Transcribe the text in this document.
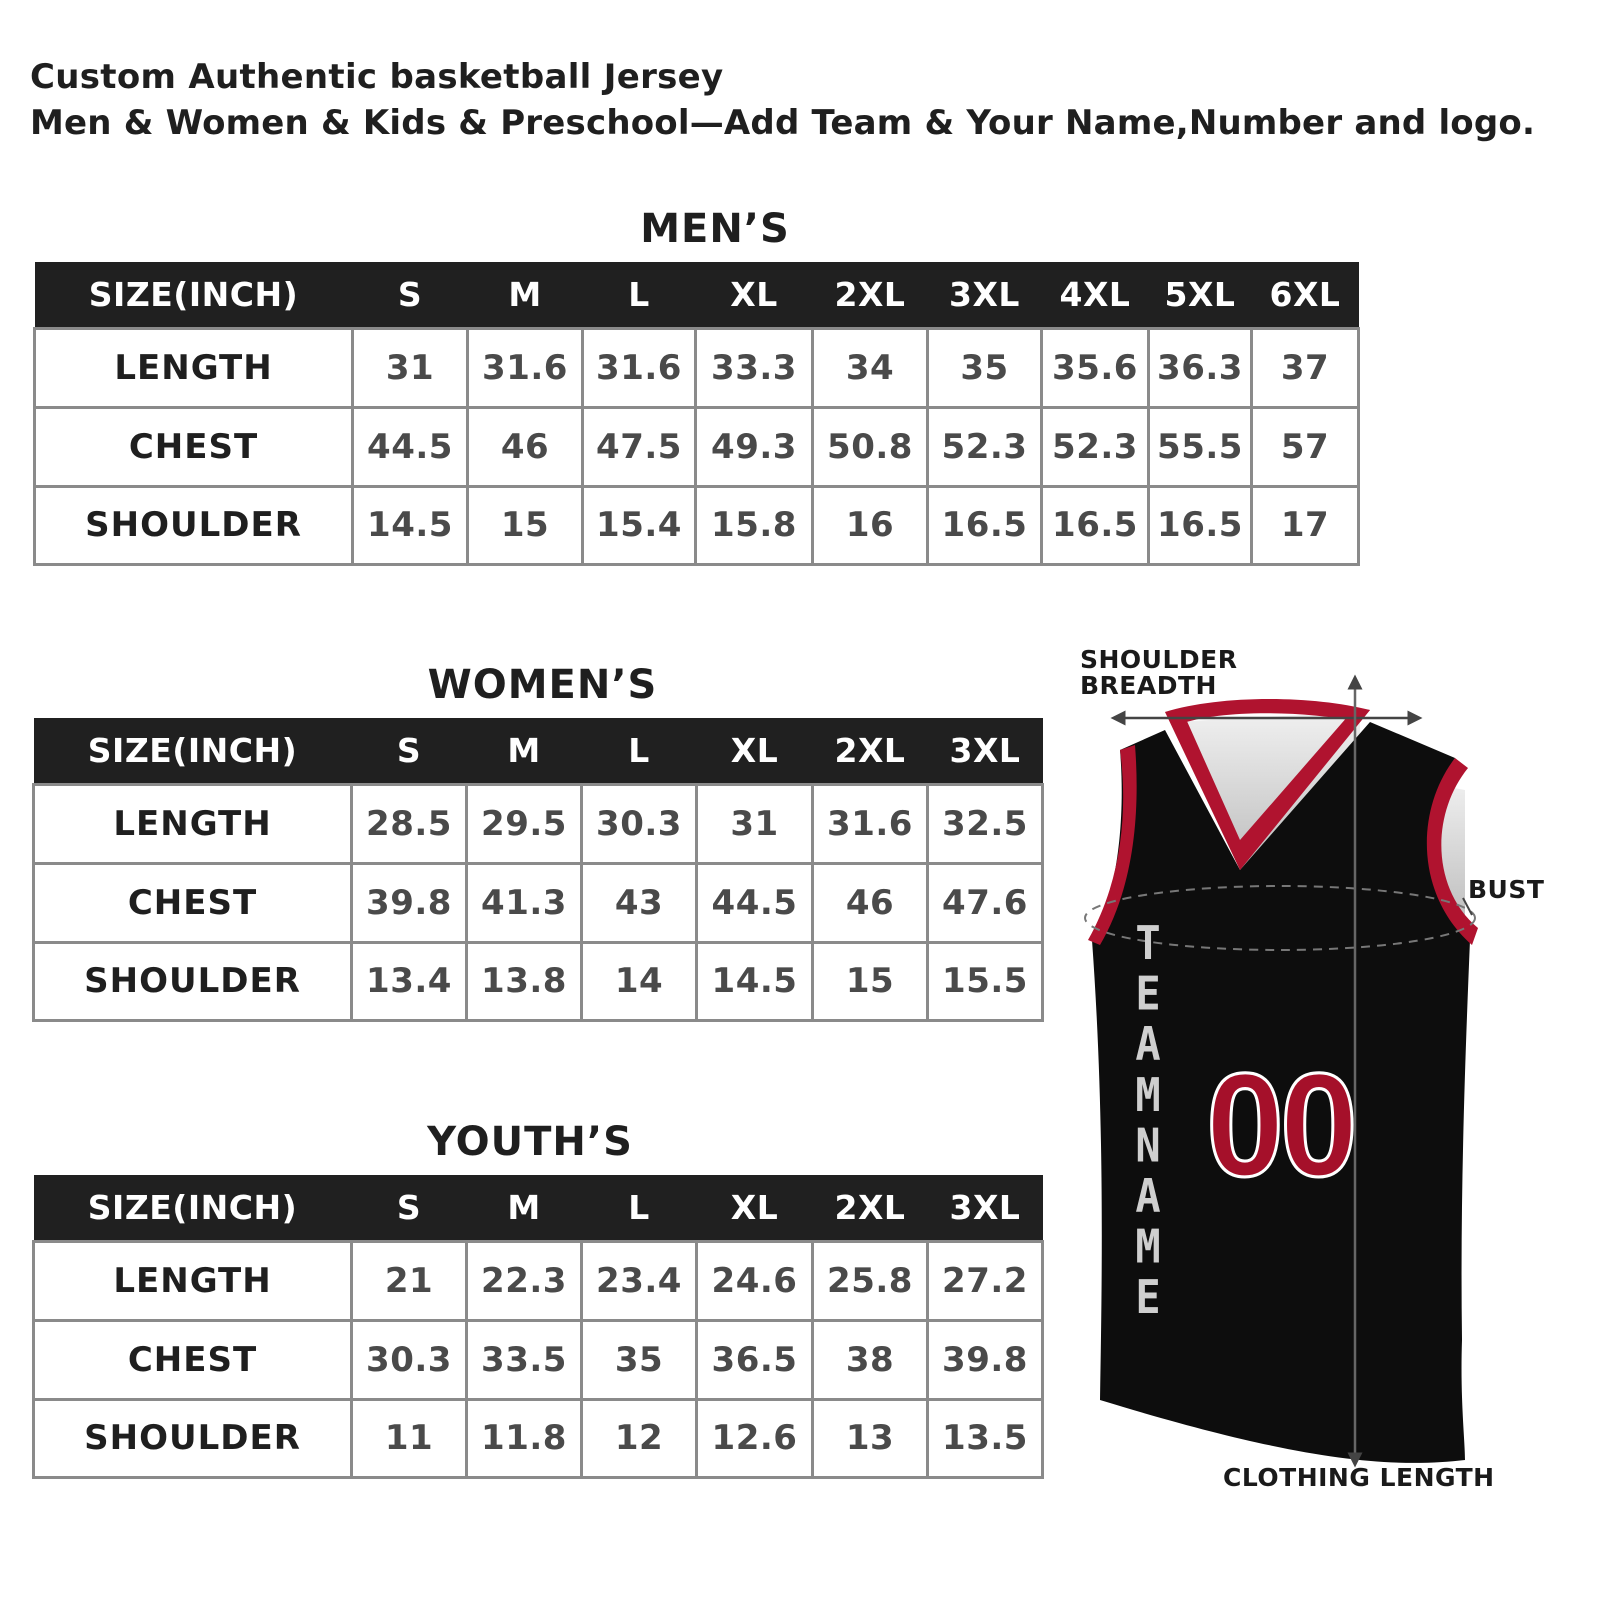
Custom Authentic basketball Jersey
Men & Women & Kids & Preschool—Add Team & Your Name,Number and logo.
MEN’S
SIZE(INCH)	S	M	L	XL	2XL	3XL	4XL	5XL	6XL
LENGTH	31	31.6	31.6	33.3	34	35	35.6	36.3	37
CHEST	44.5	46	47.5	49.3	50.8	52.3	52.3	55.5	57
SHOULDER	14.5	15	15.4	15.8	16	16.5	16.5	16.5	17
WOMEN’S
SIZE(INCH)	S	M	L	XL	2XL	3XL
LENGTH	28.5	29.5	30.3	31	31.6	32.5
CHEST	39.8	41.3	43	44.5	46	47.6
SHOULDER	13.4	13.8	14	14.5	15	15.5
YOUTH’S
SIZE(INCH)	S	M	L	XL	2XL	3XL
LENGTH	21	22.3	23.4	24.6	25.8	27.2
CHEST	30.3	33.5	35	36.5	38	39.8
SHOULDER	11	11.8	12	12.6	13	13.5
00
T
E
A
M
N
A
M
E
SHOULDER
BREADTH
BUST
CLOTHING LENGTH
